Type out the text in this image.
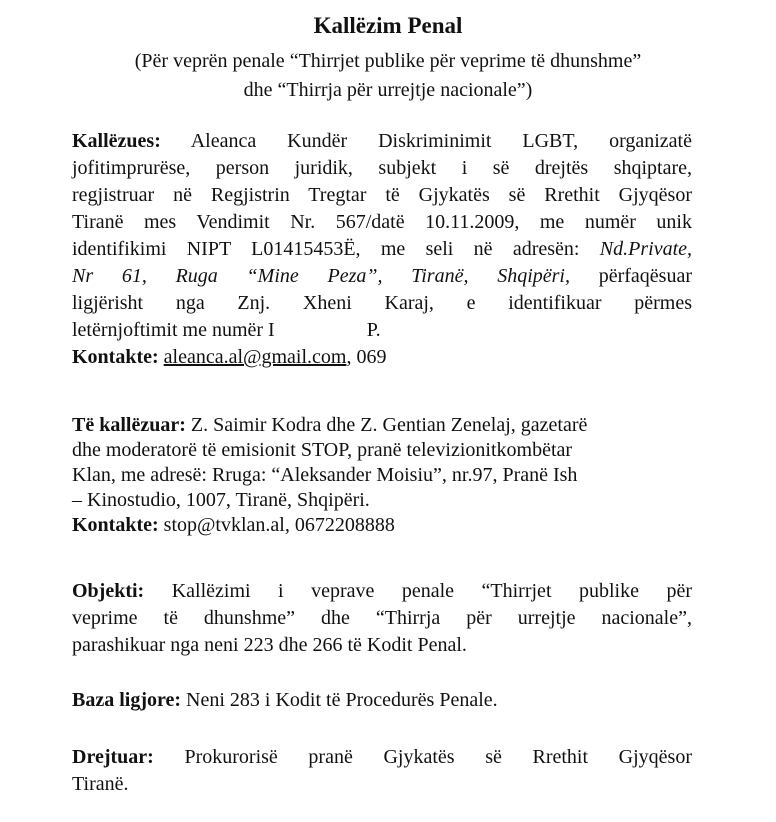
Kallëzim Penal
(Për veprën penale “Thirrjet publike për veprime të dhunshme”
dhe “Thirrja për urrejtje nacionale”)
Kallëzues: Aleanca Kundër Diskriminimit LGBT, organizatë
jofitimprurëse, person juridik, subjekt i së drejtës shqiptare,
regjistruar në Regjistrin Tregtar të Gjykatës së Rrethit Gjyqësor
Tiranë mes Vendimit Nr. 567/datë 10.11.2009, me numër unik
identifikimi NIPT L01415453Ë, me seli në adresën: Nd.Private,
Nr 61, Ruga “Mine Peza”, Tiranë, Shqipëri, përfaqësuar
ligjërisht nga Znj. Xheni Karaj, e identifikuar përmes
letërnjoftimit me numër I	P.
Kontakte: aleanca.al@gmail.com, 069
Të kallëzuar: Z. Saimir Kodra dhe Z. Gentian Zenelaj, gazetarë
dhe moderatorë të emisionit STOP, pranë televizionitkombëtar
Klan, me adresë: Rruga: “Aleksander Moisiu”, nr.97, Pranë Ish
– Kinostudio, 1007, Tiranë, Shqipëri.
Kontakte: stop@tvklan.al, 0672208888
Objekti: Kallëzimi i veprave penale “Thirrjet publike për
veprime të dhunshme” dhe “Thirrja për urrejtje nacionale”,
parashikuar nga neni 223 dhe 266 të Kodit Penal.
Baza ligjore: Neni 283 i Kodit të Procedurës Penale.
Drejtuar: Prokurorisë pranë Gjykatës së Rrethit Gjyqësor
Tiranë.
